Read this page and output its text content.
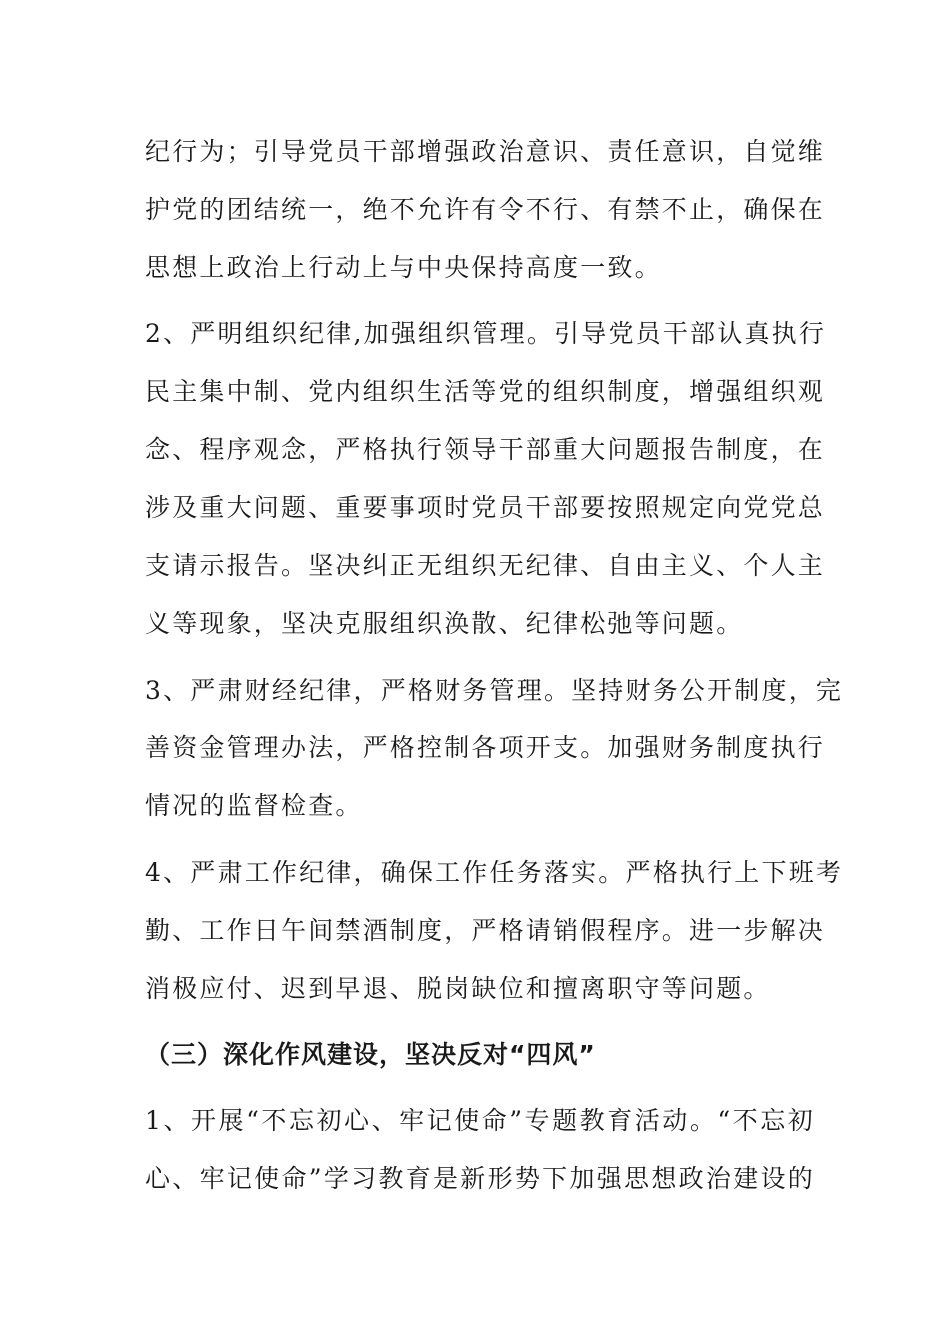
纪行为；引导党员干部增强政治意识、责任意识，自觉维
护党的团结统一，绝不允许有令不行、有禁不止，确保在
思想上政治上行动上与中央保持高度一致。
2、严明组织纪律,加强组织管理。引导党员干部认真执行
民主集中制、党内组织生活等党的组织制度，增强组织观
念、程序观念，严格执行领导干部重大问题报告制度，在
涉及重大问题、重要事项时党员干部要按照规定向党党总
支请示报告。坚决纠正无组织无纪律、自由主义、个人主
义等现象，坚决克服组织涣散、纪律松弛等问题。
3、严肃财经纪律，严格财务管理。坚持财务公开制度，完
善资金管理办法，严格控制各项开支。加强财务制度执行
情况的监督检查。
4、严肃工作纪律，确保工作任务落实。严格执行上下班考
勤、工作日午间禁酒制度，严格请销假程序。进一步解决
消极应付、迟到早退、脱岗缺位和擅离职守等问题。
（三）深化作风建设，坚决反对“四风”
1、开展“不忘初心、牢记使命”专题教育活动。“不忘初
心、牢记使命”学习教育是新形势下加强思想政治建设的
